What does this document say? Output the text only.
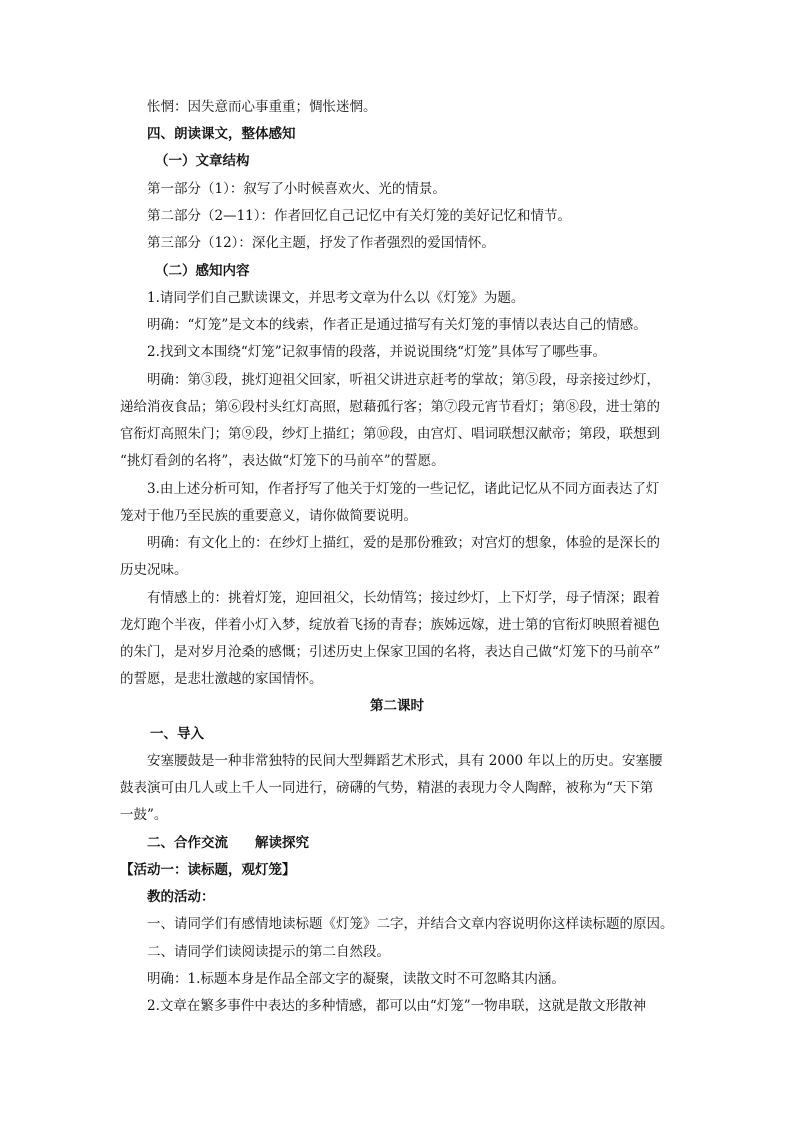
怅惘：因失意而心事重重；惆怅迷惘。
四、朗读课文，整体感知
（一）文章结构
第一部分（1）：叙写了小时候喜欢火、光的情景。
第二部分（2—11）：作者回忆自己记忆中有关灯笼的美好记忆和情节。
第三部分（12）：深化主题，抒发了作者强烈的爱国情怀。
（二）感知内容
1.请同学们自己默读课文，并思考文章为什么以《灯笼》为题。
明确：“灯笼”是文本的线索，作者正是通过描写有关灯笼的事情以表达自己的情感。
2.找到文本围绕“灯笼”记叙事情的段落，并说说围绕“灯笼”具体写了哪些事。
明确：第③段，挑灯迎祖父回家，听祖父讲进京赶考的掌故；第⑤段，母亲接过纱灯，
递给消夜食品；第⑥段村头红灯高照，慰藉孤行客；第⑦段元宵节看灯；第⑧段，进士第的
官衔灯高照朱门；第⑨段，纱灯上描红；第⑩段，由宫灯、唱词联想汉献帝；第段，联想到
“挑灯看剑的名将”，表达做“灯笼下的马前卒”的誓愿。
3.由上述分析可知，作者抒写了他关于灯笼的一些记忆，诸此记忆从不同方面表达了灯
笼对于他乃至民族的重要意义，请你做简要说明。
明确：有文化上的：在纱灯上描红，爱的是那份雅致；对宫灯的想象，体验的是深长的
历史况味。
有情感上的：挑着灯笼，迎回祖父，长幼情笃；接过纱灯，上下灯学，母子情深；跟着
龙灯跑个半夜，伴着小灯入梦，绽放着飞扬的青春；族姊远嫁，进士第的官衔灯映照着褪色
的朱门，是对岁月沧桑的感慨；引述历史上保家卫国的名将，表达自己做“灯笼下的马前卒”
的誓愿，是悲壮激越的家国情怀。
第二课时
一、导入
安塞腰鼓是一种非常独特的民间大型舞蹈艺术形式，具有 2000 年以上的历史。安塞腰
鼓表演可由几人或上千人一同进行，磅礴的气势，精湛的表现力令人陶醉，被称为“天下第
一鼓”。
二、合作交流　　解读探究
【活动一：读标题，观灯笼】
教的活动：
一、请同学们有感情地读标题《灯笼》二字，并结合文章内容说明你这样读标题的原因。
二、请同学们读阅读提示的第二自然段。
明确：1.标题本身是作品全部文字的凝聚，读散文时不可忽略其内涵。
2.文章在繁多事件中表达的多种情感，都可以由“灯笼”一物串联，这就是散文形散神
